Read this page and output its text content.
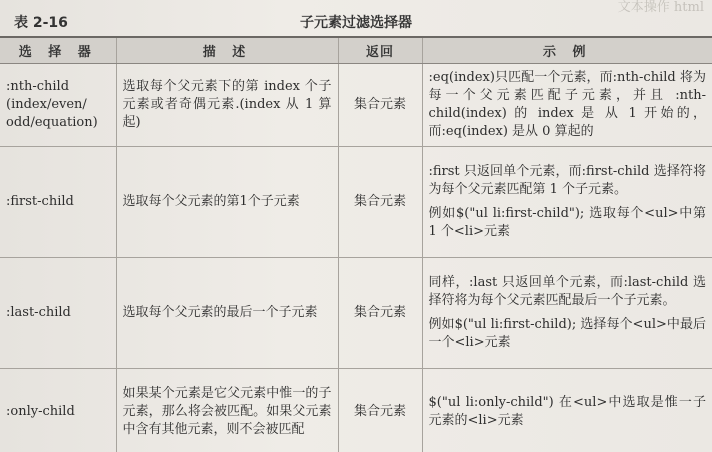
文本操作 html
表 2-16	子元素过滤选择器
选 择 器	描 述	返回	示 例
:nth-child (index/even/ odd/equation)	选取每个父元素下的第 index 个子元素或者奇偶元素.(index 从 1 算起)	集合元素	:eq(index)只匹配一个元素，而:nth-child 将为每一个父元素匹配子元素，并且 :nth-child(index) 的 index 是 从 1 开始的，而:eq(index) 是从 0 算起的

:first-child	选取每个父元素的第1个子元素	集合元素	:first 只返回单个元素，而:first-child 选择符将为每个父元素匹配第 1 个子元素。

例如$("ul li:first-child"); 选取每个<ul>中第 1 个<li>元素

:last-child	选取每个父元素的最后一个子元素	集合元素	同样，:last 只返回单个元素，而:last-child 选择符将为每个父元素匹配最后一个子元素。

例如$("ul li:first-child); 选择每个<ul>中最后一个<li>元素

:only-child	如果某个元素是它父元素中惟一的子元素，那么将会被匹配。如果父元素中含有其他元素，则不会被匹配	集合元素	$("ul li:only-child") 在<ul>中选取是惟一子元素的<li>元素
